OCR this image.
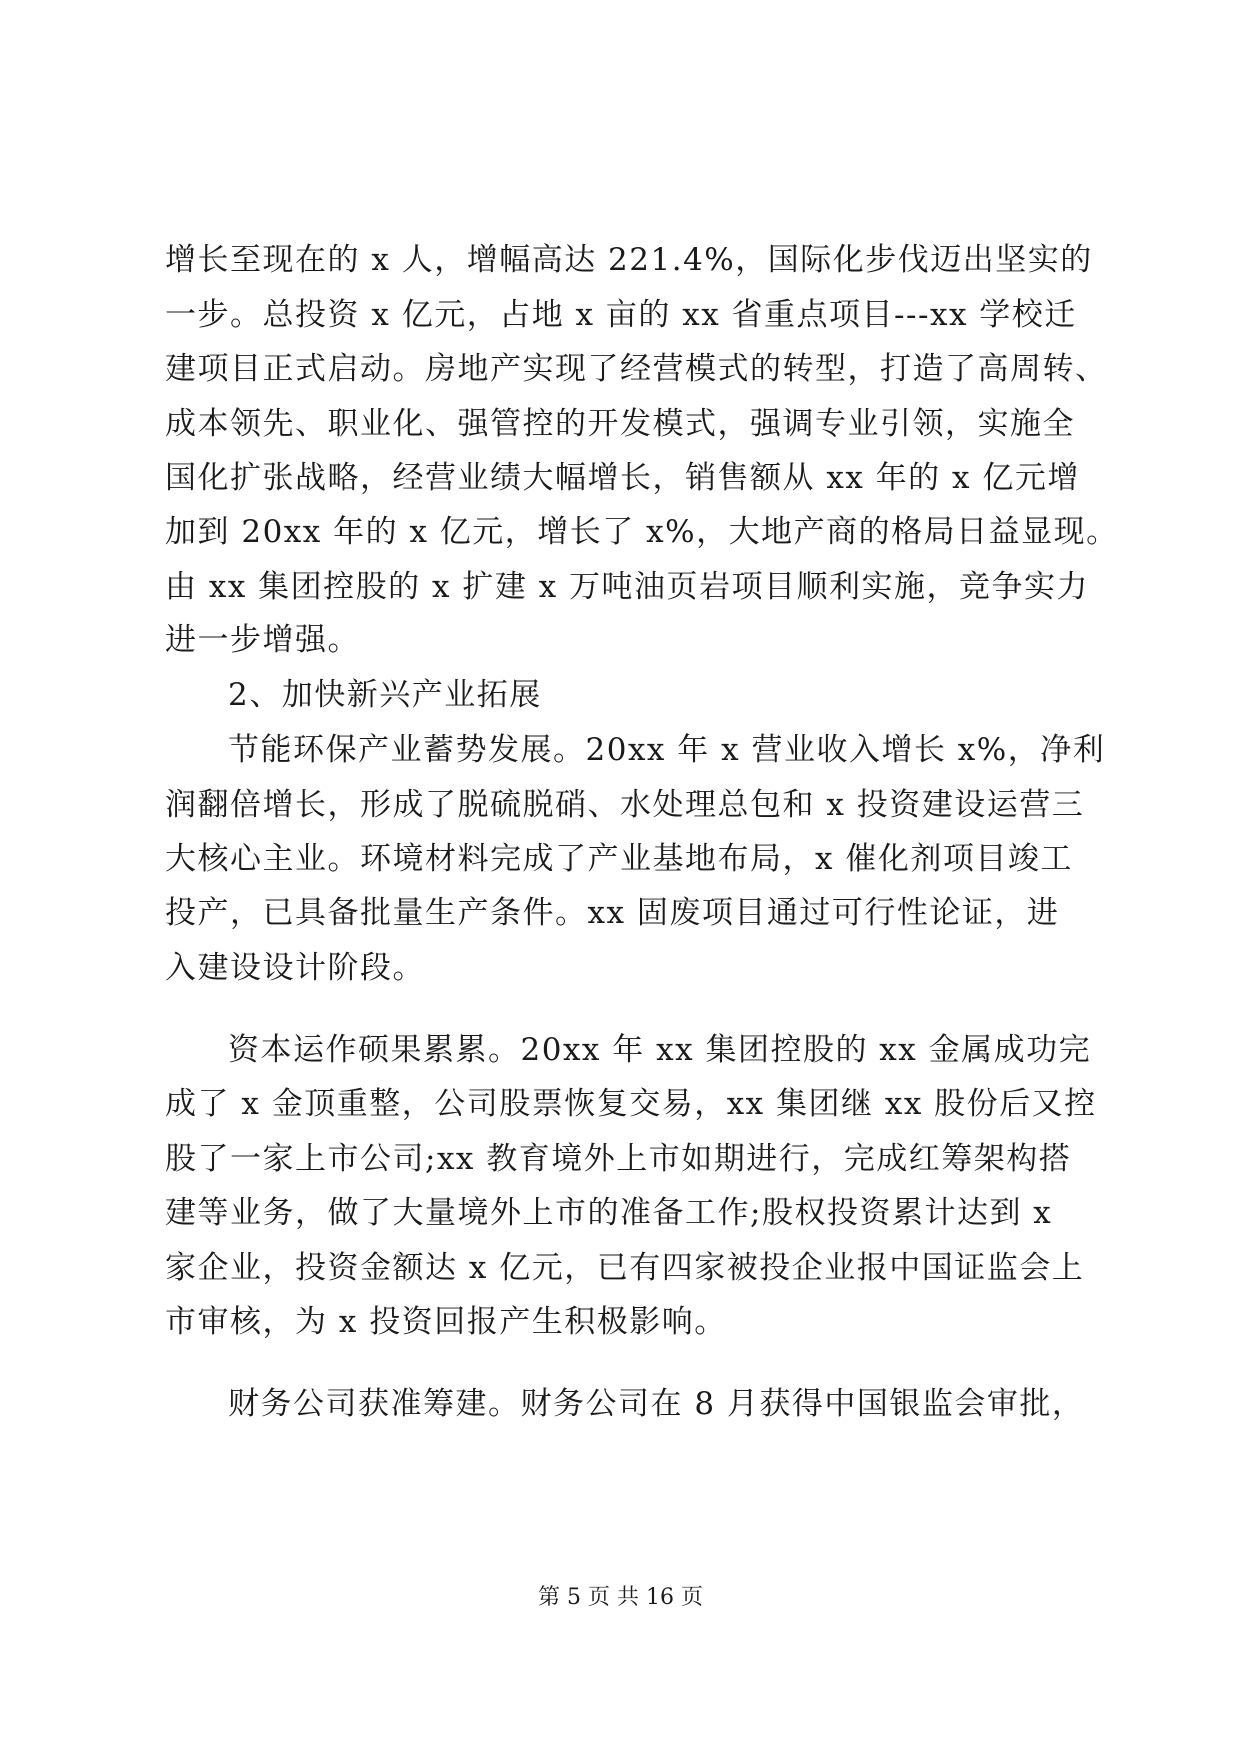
增长至现在的 x 人，增幅高达 221.4%，国际化步伐迈出坚实的
一步。总投资 x 亿元，占地 x 亩的 xx 省重点项目---xx 学校迁
建项目正式启动。房地产实现了经营模式的转型，打造了高周转、
成本领先、职业化、强管控的开发模式，强调专业引领，实施全
国化扩张战略，经营业绩大幅增长，销售额从 xx 年的 x 亿元增
加到 20xx 年的 x 亿元，增长了 x%，大地产商的格局日益显现。
由 xx 集团控股的 x 扩建 x 万吨油页岩项目顺利实施，竞争实力
进一步增强。
2、加快新兴产业拓展
节能环保产业蓄势发展。20xx 年 x 营业收入增长 x%，净利
润翻倍增长，形成了脱硫脱硝、水处理总包和 x 投资建设运营三
大核心主业。环境材料完成了产业基地布局，x 催化剂项目竣工
投产，已具备批量生产条件。xx 固废项目通过可行性论证，进
入建设设计阶段。
资本运作硕果累累。20xx 年 xx 集团控股的 xx 金属成功完
成了 x 金顶重整，公司股票恢复交易，xx 集团继 xx 股份后又控
股了一家上市公司;xx 教育境外上市如期进行，完成红筹架构搭
建等业务，做了大量境外上市的准备工作;股权投资累计达到 x
家企业，投资金额达 x 亿元，已有四家被投企业报中国证监会上
市审核，为 x 投资回报产生积极影响。
财务公司获准筹建。财务公司在 8 月获得中国银监会审批，
第 5 页 共 16 页
